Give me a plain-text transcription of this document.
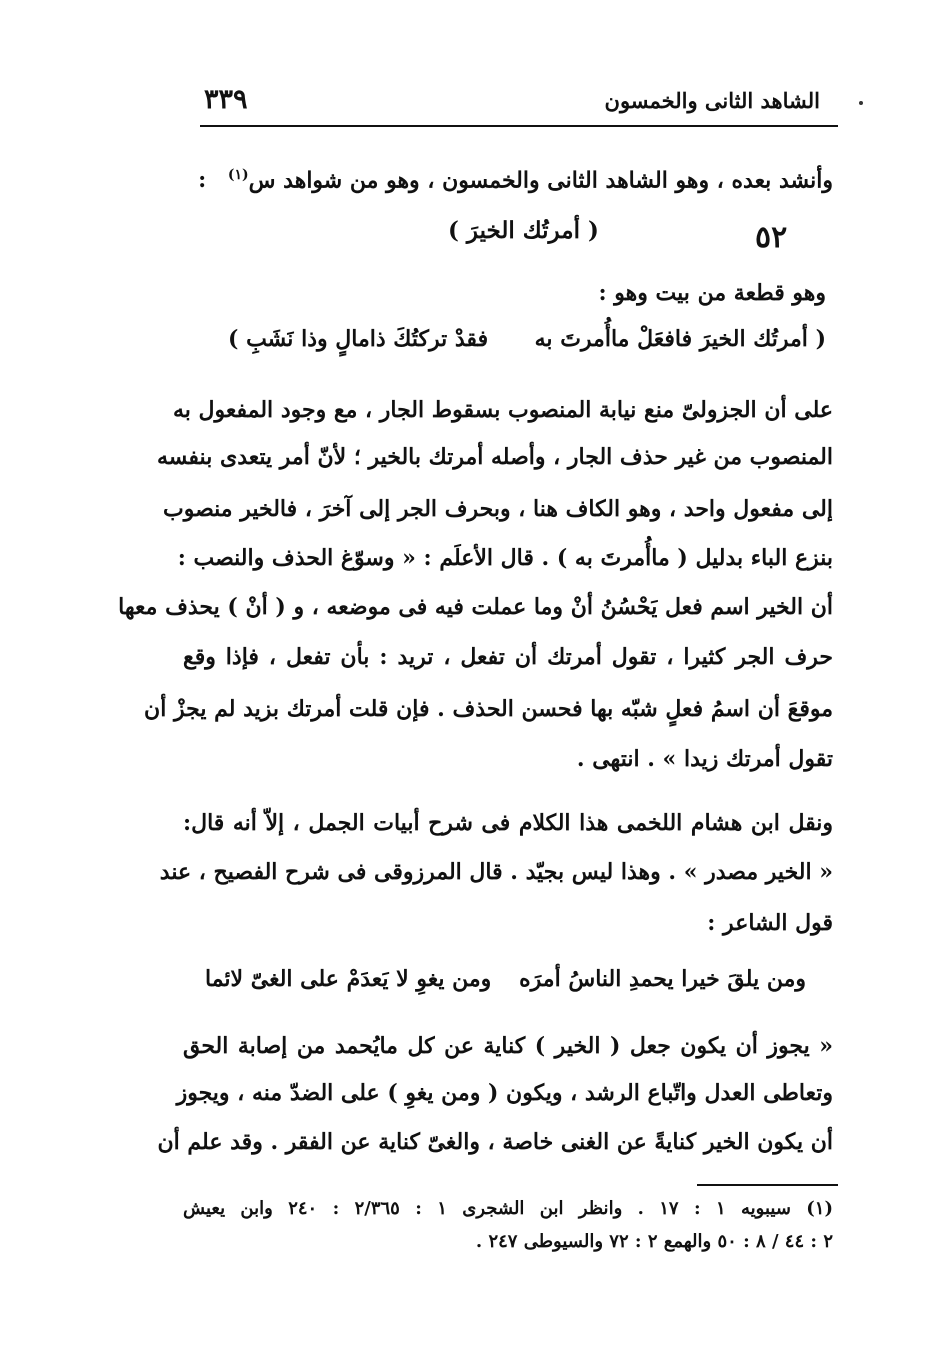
الشاهد الثانى والخمسون
٣٣٩
وأنشد بعده ، وهو الشاهد الثانى والخمسون ، وهو من شواهد س$^{(١)}$ :
٥٢
( أمرتُك الخيرَ )
وهو قطعة من بيت وهو :
( أمرتُك الخيرَ فافعَلْ ماأُمرتَ به
فقدْ تركتُكَ ذامالٍ وذا نَشَبِ )
على أن الجزولىّ منع نيابة المنصوب بسقوط الجار ، مع وجود المفعول به
المنصوب من غير حذف الجار ، وأصله أمرتك بالخير ؛ لأنّ أمر يتعدى بنفسه
إلى مفعول واحد ، وهو الكاف هنا ، وبحرف الجر إلى آخرَ ، فالخير منصوب
بنزع الباء بدليل ( ماأُمرتَ به ) . قال الأعلَم : « وسوّغ الحذف والنصب :
أن الخير اسم فعل يَحْسُنُ أنْ وما عملت فيه فى موضعه ، و ( أنْ ) يحذف معها
حرف الجر كثيرا ، تقول أمرتك أن تفعل ، تريد : بأن تفعل ، فإذا وقع
موقعَ أن اسمُ فعلٍ شبّه بها فحسن الحذف . فإن قلت أمرتك بزيد لم يجزْ أن
تقول أمرتك زيدا » . انتهى .
ونقل ابن هشام اللخمى هذا الكلام فى شرح أبيات الجمل ، إلاّ أنه قال:
« الخير مصدر » . وهذا ليس بجيّد . قال المرزوقى فى شرح الفصيح ، عند
قول الشاعر :
ومن يلقَ خيرا يحمدِ الناسُ أمرَه
ومن يغوِ لا يَعدَمْ على الغىّ لائما
« يجوز أن يكون جعل ( الخير ) كناية عن كل مايُحمد من إصابة الحق
وتعاطى العدل واتّباع الرشد ، ويكون ( ومن يغوِ ) على الضدّ منه ، ويجوز
أن يكون الخير كنايةً عن الغنى خاصة ، والغىّ كناية عن الفقر . وقد علم أن
(١) سيبويه ١ : ١٧ . وانظر ابن الشجرى ١ : ٢/٣٦٥ : ٢٤٠ وابن يعيش
٢ : ٤٤ / ٨ : ٥٠ والهمع ٢ : ٧٢ والسيوطى ٢٤٧ .
